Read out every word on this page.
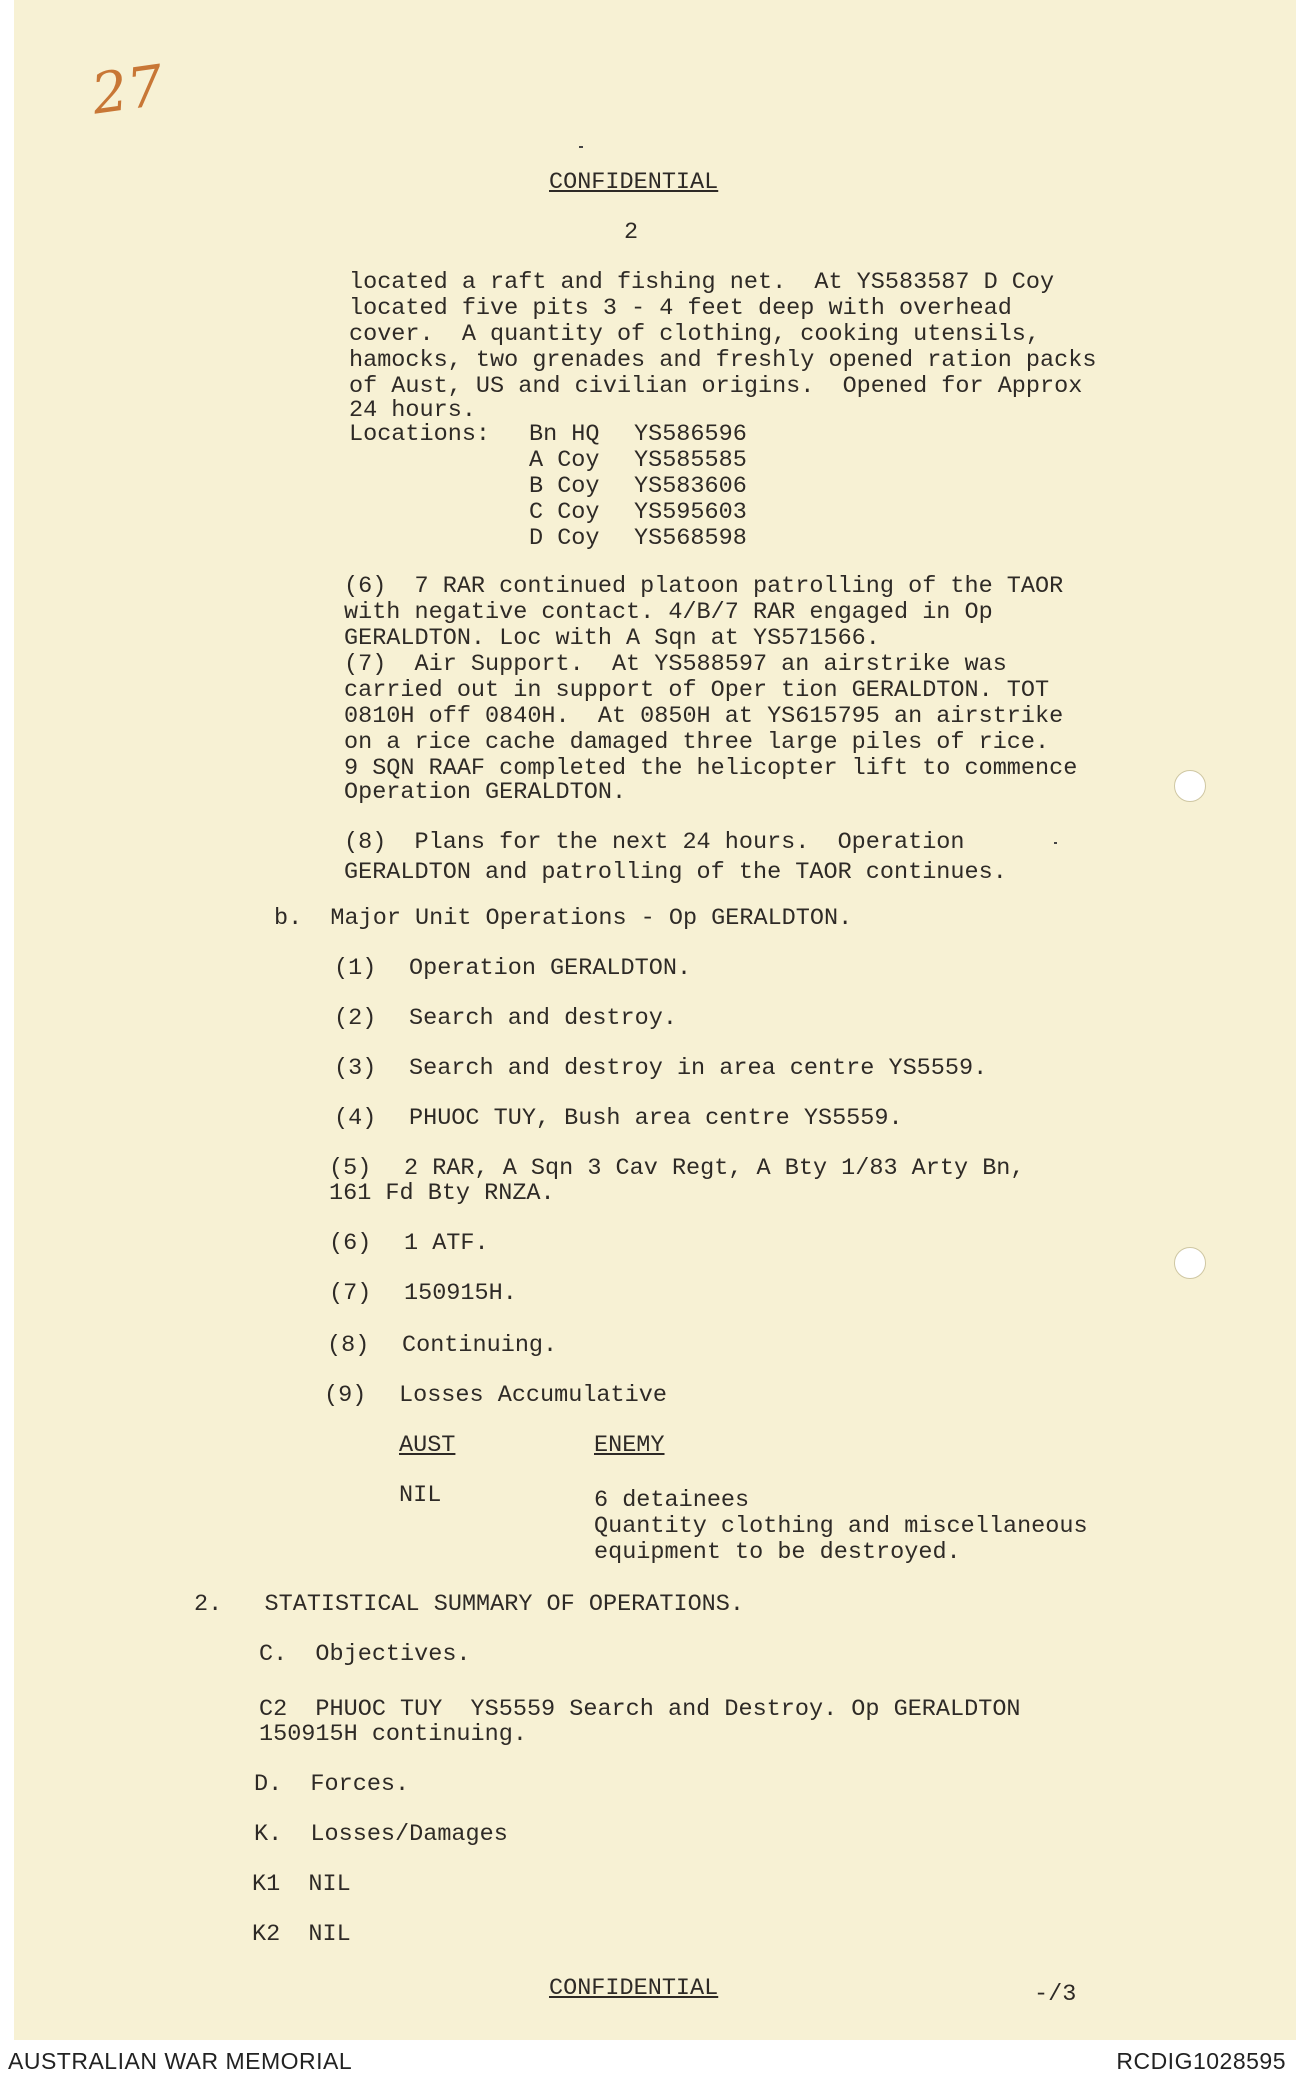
27
CONFIDENTIAL
2
located a raft and fishing net.  At YS583587 D Coy
located five pits 3 - 4 feet deep with overhead
cover.  A quantity of clothing, cooking utensils,
hamocks, two grenades and freshly opened ration packs
of Aust, US and civilian origins.  Opened for Approx
24 hours.
Locations: Bn HQ YS586596
A Coy YS585585
B Coy YS583606
C Coy YS595603
D Coy YS568598
(6)  7 RAR continued platoon patrolling of the TAOR
with negative contact. 4/B/7 RAR engaged in Op
GERALDTON. Loc with A Sqn at YS571566.
(7)  Air Support.  At YS588597 an airstrike was
carried out in support of Oper tion GERALDTON. TOT
0810H off 0840H.  At 0850H at YS615795 an airstrike
on a rice cache damaged three large piles of rice.
9 SQN RAAF completed the helicopter lift to commence
Operation GERALDTON.
(8)  Plans for the next 24 hours.  Operation
GERALDTON and patrolling of the TAOR continues.
b.  Major Unit Operations - Op GERALDTON.
(1) Operation GERALDTON.
(2) Search and destroy.
(3) Search and destroy in area centre YS5559.
(4) PHUOC TUY, Bush area centre YS5559.
(5) 2 RAR, A Sqn 3 Cav Regt, A Bty 1/83 Arty Bn,
161 Fd Bty RNZA.
(6) 1 ATF.
(7) 150915H.
(8) Continuing.
(9) Losses Accumulative
AUST	ENEMY
NIL	6 detainees
Quantity clothing and miscellaneous
equipment to be destroyed.
2.   STATISTICAL SUMMARY OF OPERATIONS.
C.  Objectives.
C2  PHUOC TUY  YS5559 Search and Destroy. Op GERALDTON
150915H continuing.
D.  Forces.
K.  Losses/Damages
K1  NIL
K2  NIL
CONFIDENTIAL	-/3
AUSTRALIAN WAR MEMORIAL	RCDIG1028595
